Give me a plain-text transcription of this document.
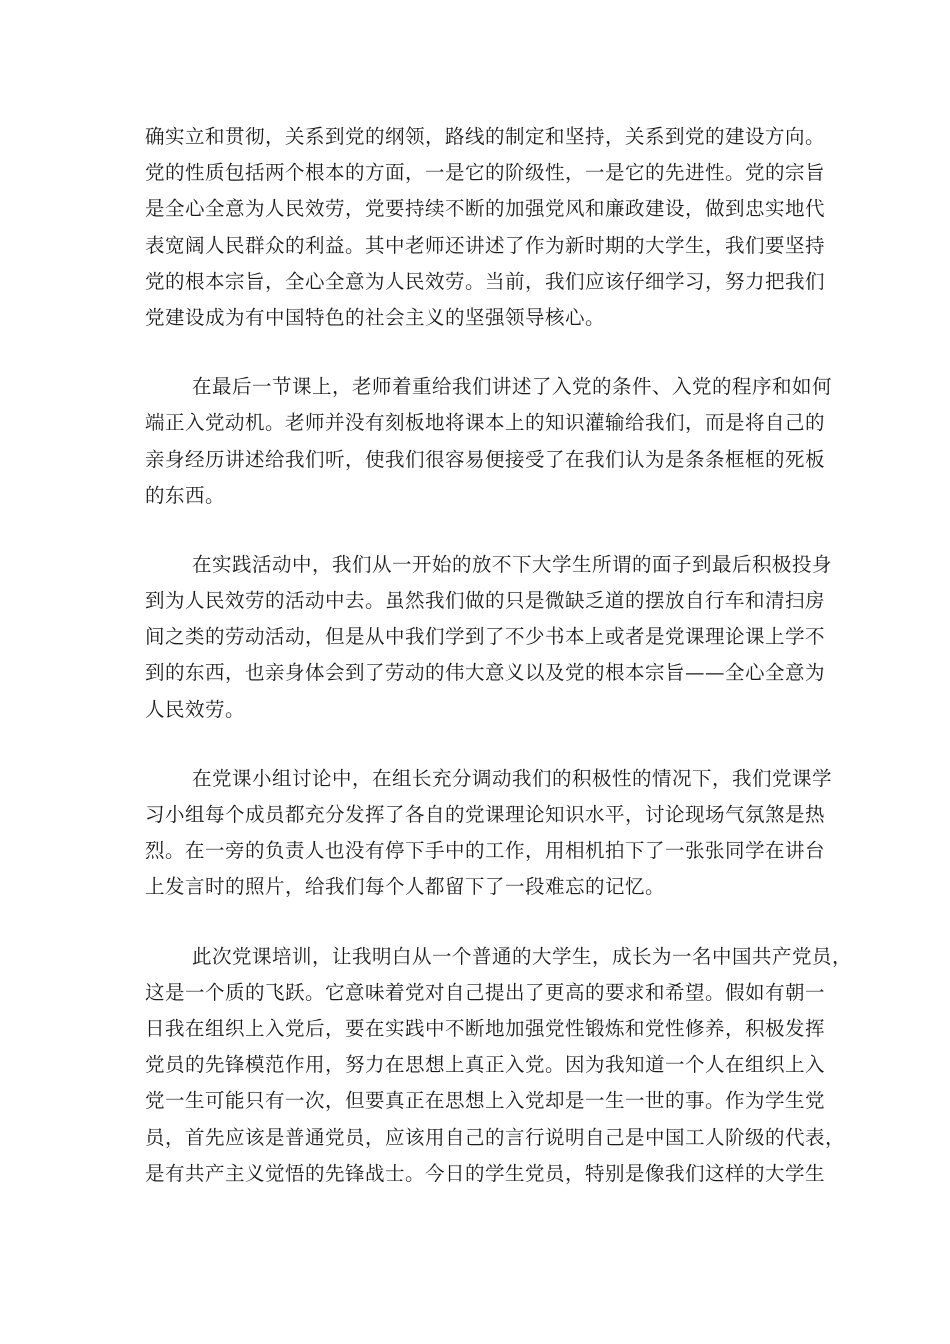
确实立和贯彻，关系到党的纲领，路线的制定和坚持，关系到党的建设方向。
党的性质包括两个根本的方面，一是它的阶级性，一是它的先进性。党的宗旨
是全心全意为人民效劳，党要持续不断的加强党风和廉政建设，做到忠实地代
表宽阔人民群众的利益。其中老师还讲述了作为新时期的大学生，我们要坚持
党的根本宗旨，全心全意为人民效劳。当前，我们应该仔细学习，努力把我们
党建设成为有中国特色的社会主义的坚强领导核心。
在最后一节课上，老师着重给我们讲述了入党的条件、入党的程序和如何
端正入党动机。老师并没有刻板地将课本上的知识灌输给我们，而是将自己的
亲身经历讲述给我们听，使我们很容易便接受了在我们认为是条条框框的死板
的东西。
在实践活动中，我们从一开始的放不下大学生所谓的面子到最后积极投身
到为人民效劳的活动中去。虽然我们做的只是微缺乏道的摆放自行车和清扫房
间之类的劳动活动，但是从中我们学到了不少书本上或者是党课理论课上学不
到的东西，也亲身体会到了劳动的伟大意义以及党的根本宗旨——全心全意为
人民效劳。
在党课小组讨论中，在组长充分调动我们的积极性的情况下，我们党课学
习小组每个成员都充分发挥了各自的党课理论知识水平，讨论现场气氛煞是热
烈。在一旁的负责人也没有停下手中的工作，用相机拍下了一张张同学在讲台
上发言时的照片，给我们每个人都留下了一段难忘的记忆。
此次党课培训，让我明白从一个普通的大学生，成长为一名中国共产党员，
这是一个质的飞跃。它意味着党对自己提出了更高的要求和希望。假如有朝一
日我在组织上入党后，要在实践中不断地加强党性锻炼和党性修养，积极发挥
党员的先锋模范作用，努力在思想上真正入党。因为我知道一个人在组织上入
党一生可能只有一次，但要真正在思想上入党却是一生一世的事。作为学生党
员，首先应该是普通党员，应该用自己的言行说明自己是中国工人阶级的代表，
是有共产主义觉悟的先锋战士。今日的学生党员，特别是像我们这样的大学生
